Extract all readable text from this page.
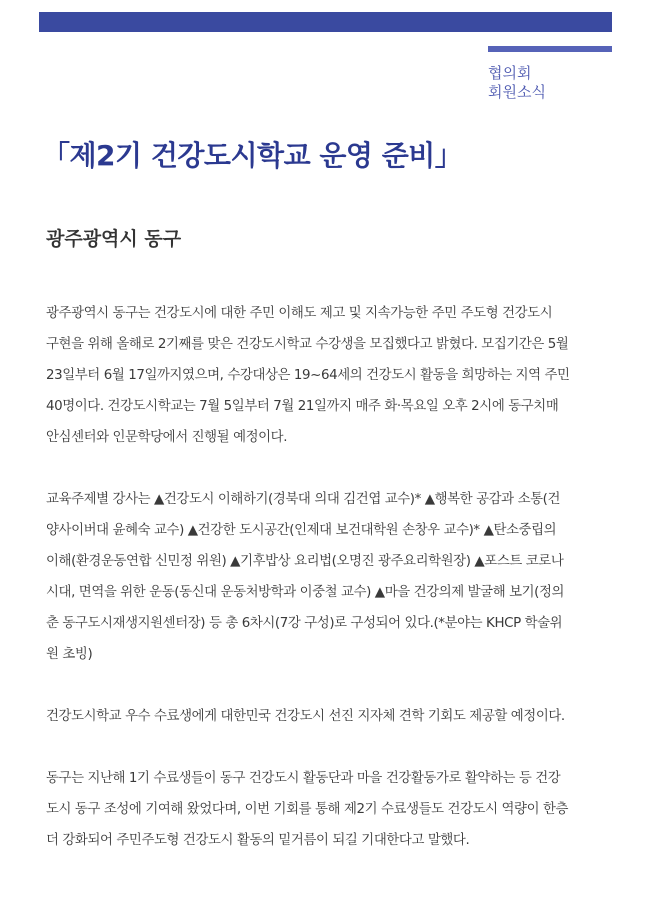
협의회
회원소식
「제2기 건강도시학교 운영 준비」
광주광역시 동구

광주광역시 동구는 건강도시에 대한 주민 이해도 제고 및 지속가능한 주민 주도형 건강도시
구현을 위해 올해로 2기째를 맞은 건강도시학교 수강생을 모집했다고 밝혔다. 모집기간은 5월
23일부터 6월 17일까지였으며, 수강대상은 19~64세의 건강도시 활동을 희망하는 지역 주민
40명이다. 건강도시학교는 7월 5일부터 7월 21일까지 매주 화·목요일 오후 2시에 동구치매
안심센터와 인문학당에서 진행될 예정이다.

교육주제별 강사는 ▲건강도시 이해하기(경북대 의대 김건엽 교수)* ▲행복한 공감과 소통(건
양사이버대 윤혜숙 교수) ▲건강한 도시공간(인제대 보건대학원 손창우 교수)* ▲탄소중립의
이해(환경운동연합 신민정 위원) ▲기후밥상 요리법(오명진 광주요리학원장) ▲포스트 코로나
시대, 면역을 위한 운동(동신대 운동처방학과 이중철 교수) ▲마을 건강의제 발굴해 보기(정의
춘 동구도시재생지원센터장) 등 총 6차시(7강 구성)로 구성되어 있다.(*분야는 KHCP 학술위
원 초빙)

건강도시학교 우수 수료생에게 대한민국 건강도시 선진 지자체 견학 기회도 제공할 예정이다.

동구는 지난해 1기 수료생들이 동구 건강도시 활동단과 마을 건강활동가로 활약하는 등 건강
도시 동구 조성에 기여해 왔었다며, 이번 기회를 통해 제2기 수료생들도 건강도시 역량이 한층
더 강화되어 주민주도형 건강도시 활동의 밑거름이 되길 기대한다고 말했다.
